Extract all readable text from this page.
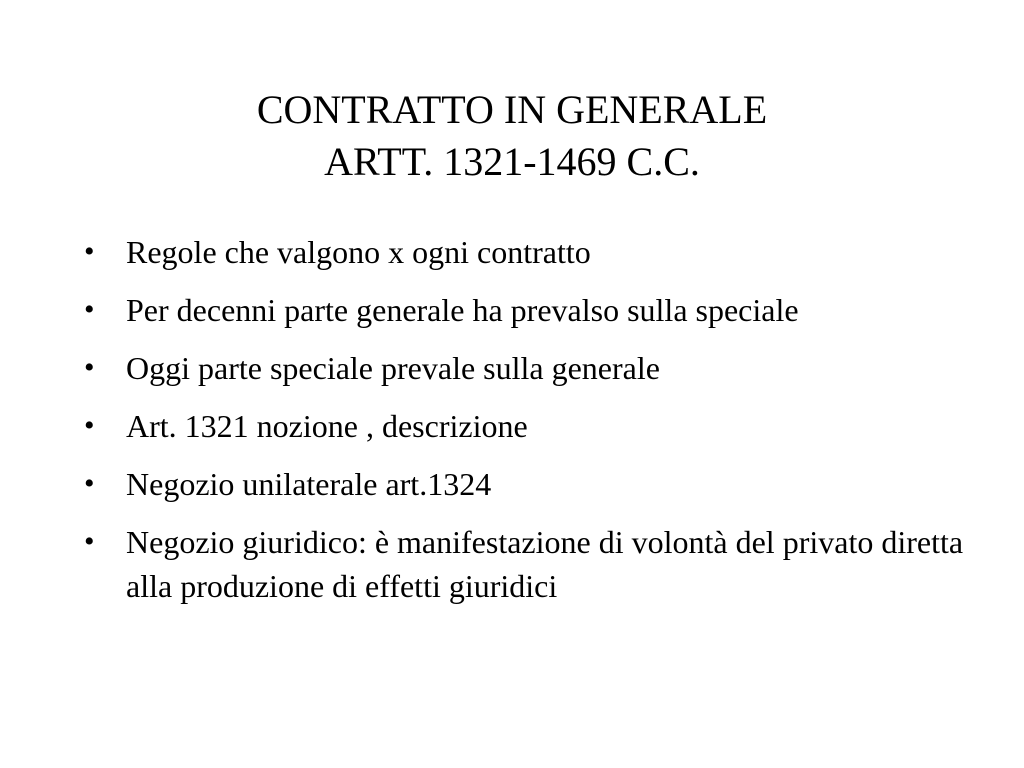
CONTRATTO IN GENERALE
ARTT. 1321-1469 C.C.
• Regole che valgono x ogni contratto
• Per decenni parte generale ha prevalso sulla speciale
• Oggi parte speciale prevale sulla generale
• Art. 1321 nozione , descrizione
• Negozio unilaterale art.1324
• Negozio giuridico: è manifestazione di volontà del privato diretta alla produzione di effetti giuridici
